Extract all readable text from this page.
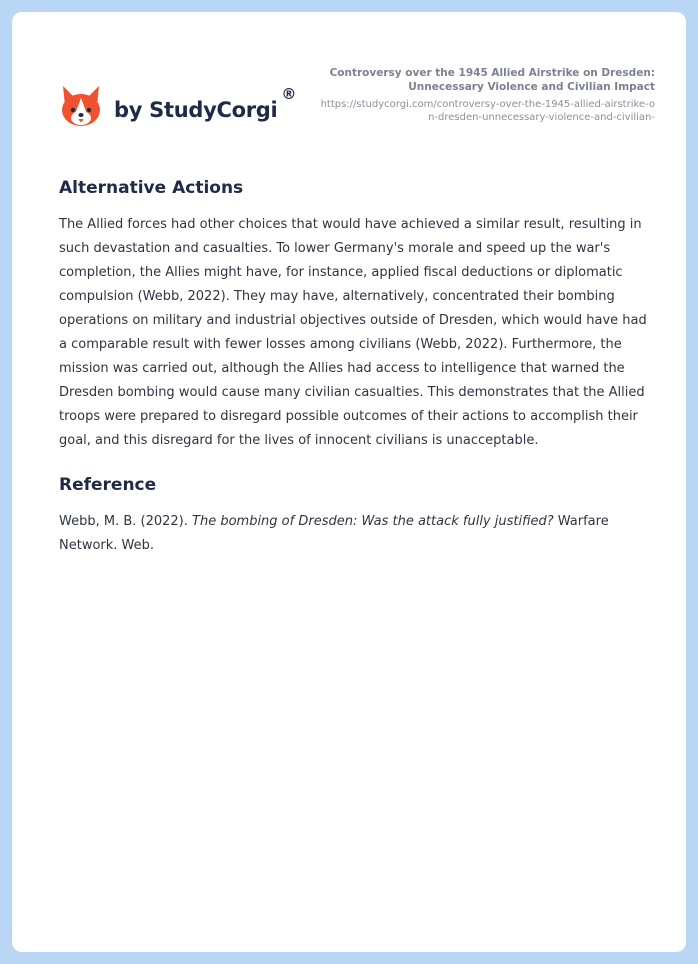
by StudyCorgi
®
Controversy over the 1945 Allied Airstrike on Dresden: Unnecessary Violence and Civilian Impact
https://studycorgi.com/controversy-over-the-1945-allied-airstrike-on-dresden-unnecessary-violence-and-civilian-
Alternative Actions

The Allied forces had other choices that would have achieved a similar result, resulting in such devastation and casualties. To lower Germany's morale and speed up the war's completion, the Allies might have, for instance, applied fiscal deductions or diplomatic compulsion (Webb, 2022). They may have, alternatively, concentrated their bombing operations on military and industrial objectives outside of Dresden, which would have had a comparable result with fewer losses among civilians (Webb, 2022). Furthermore, the mission was carried out, although the Allies had access to intelligence that warned the Dresden bombing would cause many civilian casualties. This demonstrates that the Allied troops were prepared to disregard possible outcomes of their actions to accomplish their goal, and this disregard for the lives of innocent civilians is unacceptable.

Reference

Webb, M. B. (2022). The bombing of Dresden: Was the attack fully justified? Warfare Network. Web.
